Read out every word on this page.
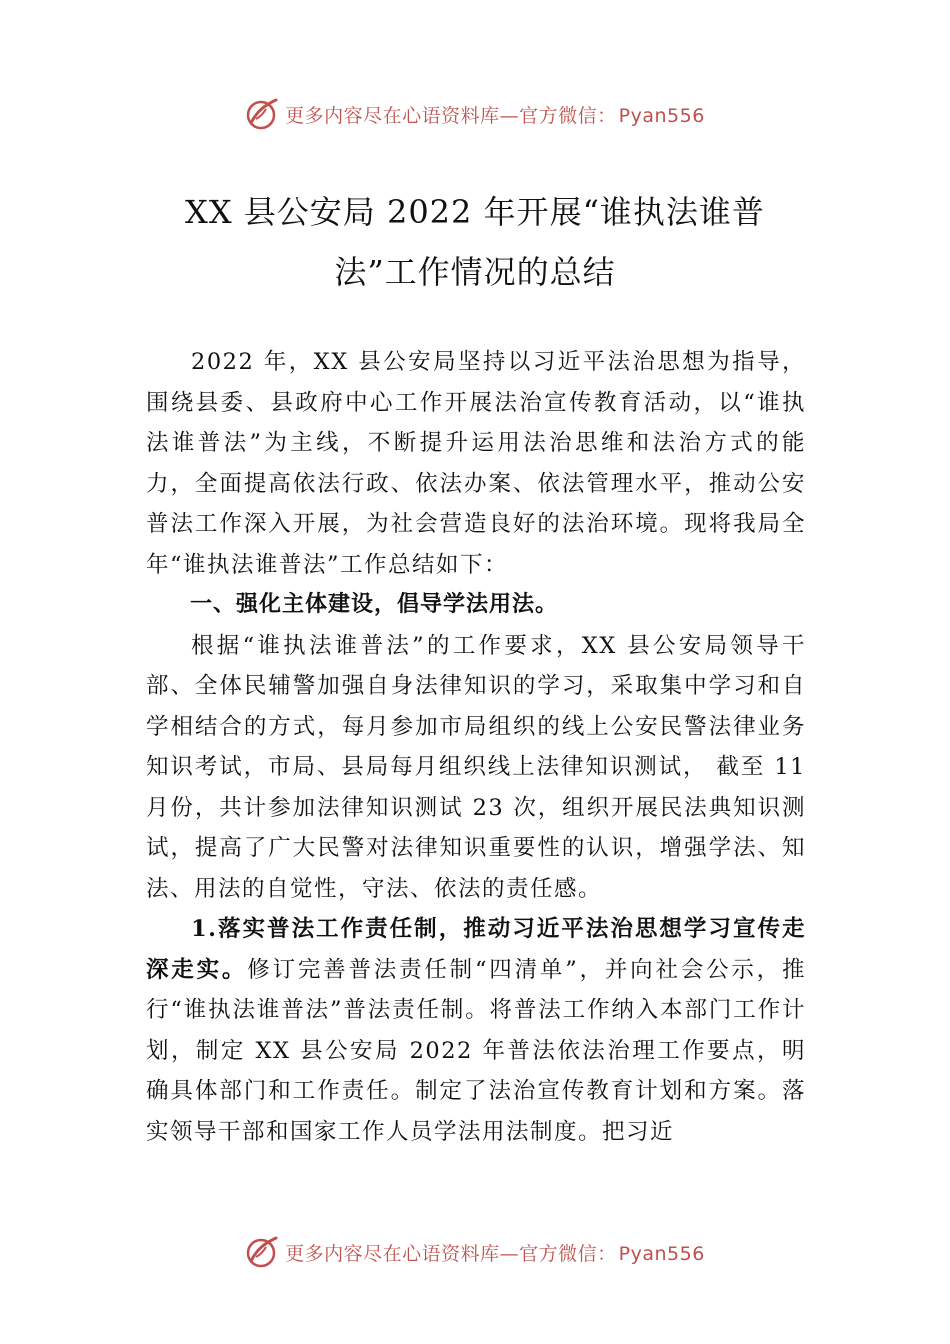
更多内容尽在心语资料库—官方微信： Pyan556
XX 县公安局 2022 年开展“谁执法谁普
法”工作情况的总结

2022 年，XX 县公安局坚持以习近平法治思想为指导，围绕县委、县政府中心工作开展法治宣传教育活动，以“谁执法谁普法”为主线，不断提升运用法治思维和法治方式的能力，全面提高依法行政、依法办案、依法管理水平，推动公安普法工作深入开展，为社会营造良好的法治环境。现将我局全年“谁执法谁普法”工作总结如下：

一、强化主体建设，倡导学法用法。

根据“谁执法谁普法”的工作要求，XX 县公安局领导干部、全体民辅警加强自身法律知识的学习，采取集中学习和自学相结合的方式，每月参加市局组织的线上公安民警法律业务知识考试，市局、县局每月组织线上法律知识测试， 截至 11 月份，共计参加法律知识测试 23 次，组织开展民法典知识测试，提高了广大民警对法律知识重要性的认识，增强学法、知法、用法的自觉性，守法、依法的责任感。

1.落实普法工作责任制，推动习近平法治思想学习宣传走深走实。修订完善普法责任制“四清单”，并向社会公示，推行“谁执法谁普法”普法责任制。将普法工作纳入本部门工作计划，制定 XX 县公安局 2022 年普法依法治理工作要点，明确具体部门和工作责任。制定了法治宣传教育计划和方案。落实领导干部和国家工作人员学法用法制度。把习近

更多内容尽在心语资料库—官方微信： Pyan556
